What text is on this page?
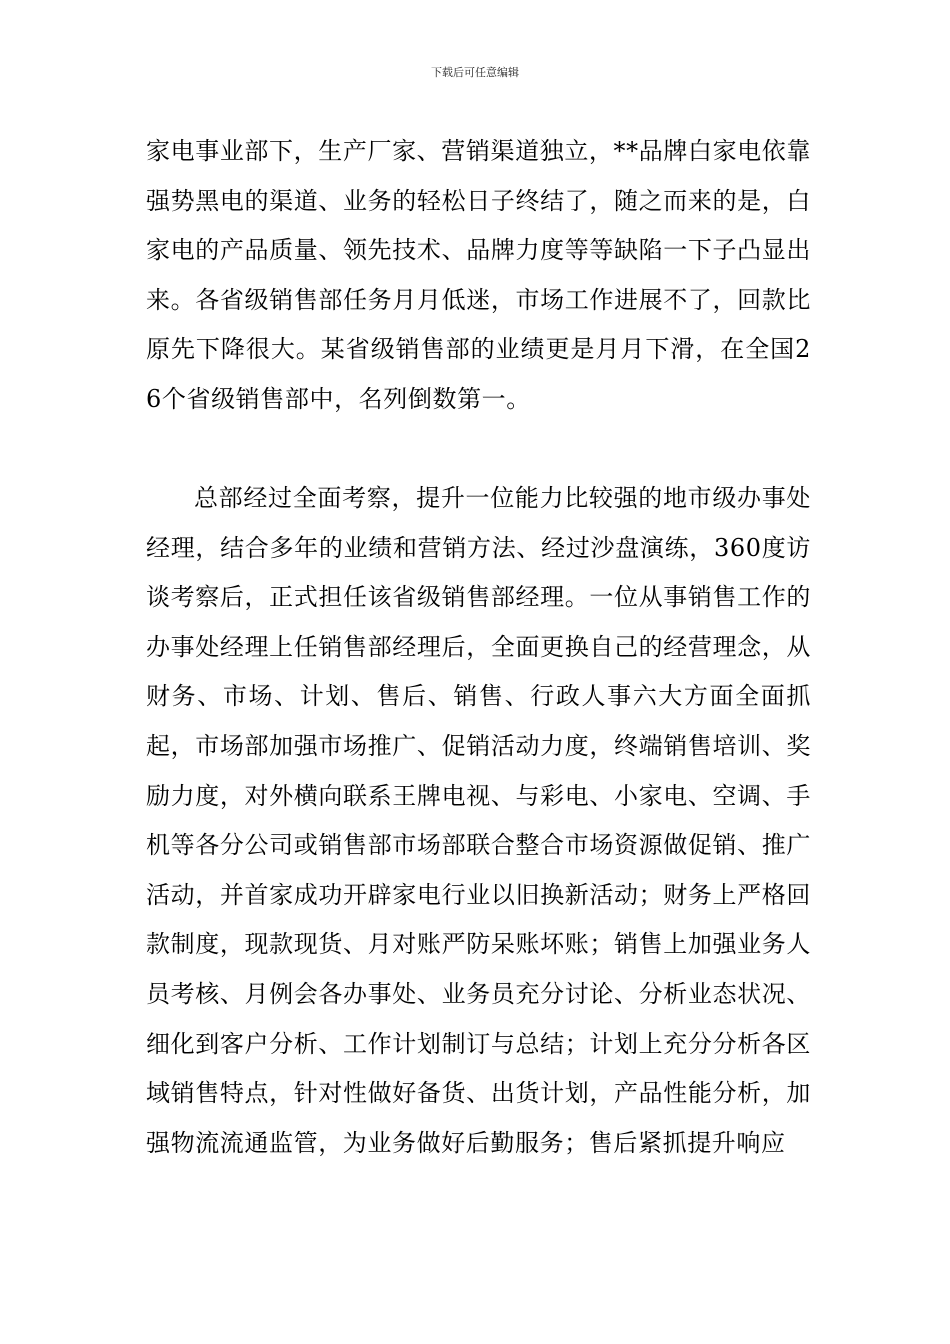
下载后可任意编辑

家电事业部下，生产厂家、营销渠道独立，**品牌白家电依靠强势黑电的渠道、业务的轻松日子终结了，随之而来的是，白家电的产品质量、领先技术、品牌力度等等缺陷一下子凸显出来。各省级销售部任务月月低迷，市场工作进展不了，回款比原先下降很大。某省级销售部的业绩更是月月下滑，在全国26个省级销售部中，名列倒数第一。

总部经过全面考察，提升一位能力比较强的地市级办事处经理，结合多年的业绩和营销方法、经过沙盘演练，360度访谈考察后，正式担任该省级销售部经理。一位从事销售工作的办事处经理上任销售部经理后，全面更换自己的经营理念，从财务、市场、计划、售后、销售、行政人事六大方面全面抓起，市场部加强市场推广、促销活动力度，终端销售培训、奖励力度，对外横向联系王牌电视、与彩电、小家电、空调、手机等各分公司或销售部市场部联合整合市场资源做促销、推广活动，并首家成功开辟家电行业以旧换新活动；财务上严格回款制度，现款现货、月对账严防呆账坏账；销售上加强业务人员考核、月例会各办事处、业务员充分讨论、分析业态状况、细化到客户分析、工作计划制订与总结；计划上充分分析各区域销售特点，针对性做好备货、出货计划，产品性能分析，加强物流流通监管，为业务做好后勤服务；售后紧抓提升响应
